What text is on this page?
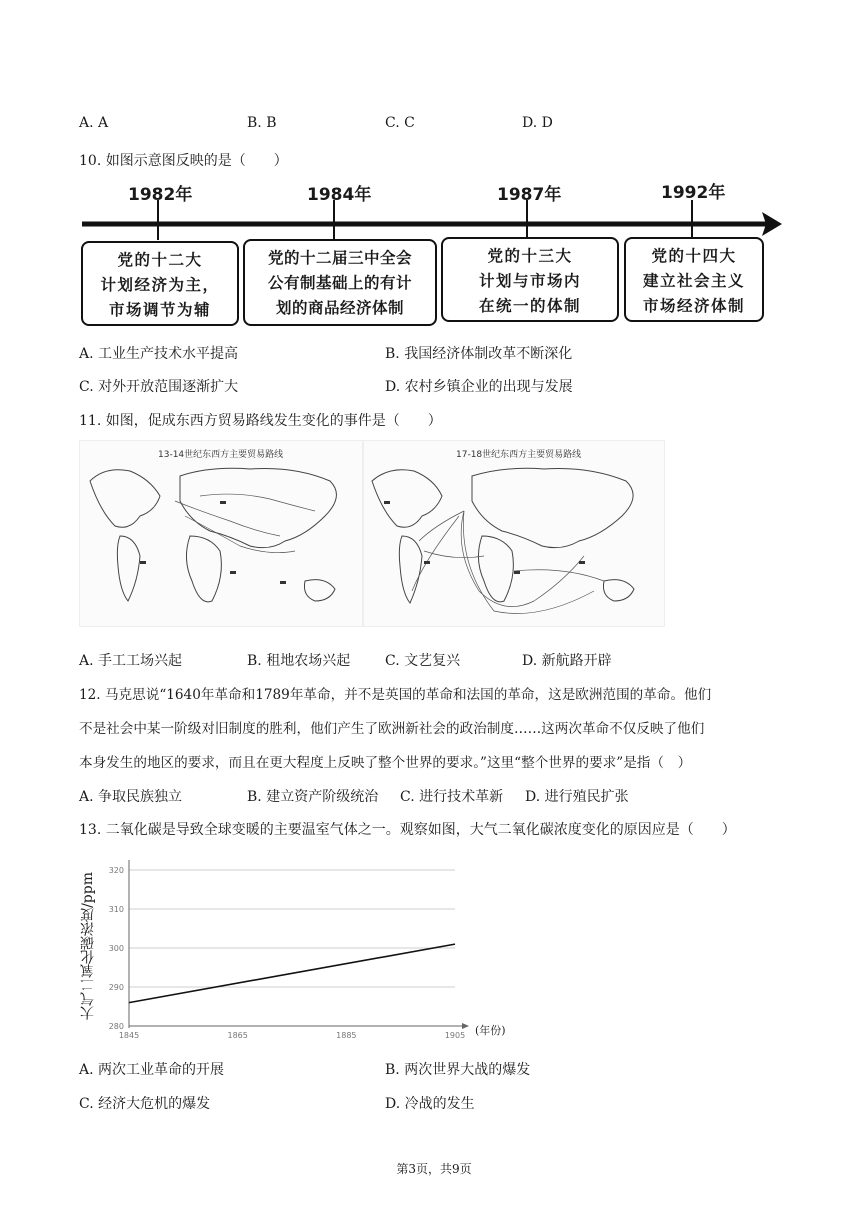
A. A	B. B	C. C	D. D
10. 如图示意图反映的是（　　）
1982年	1984年	1987年	1992年
党的十二大
计划经济为主，
市场调节为辅
党的十二届三中全会
公有制基础上的有计
划的商品经济体制
党的十三大
计划与市场内
在统一的体制
党的十四大
建立社会主义
市场经济体制
A. 工业生产技术水平提高	B. 我国经济体制改革不断深化
C. 对外开放范围逐渐扩大	D. 农村乡镇企业的出现与发展
11. 如图，促成东西方贸易路线发生变化的事件是（　　）
13-14世纪东西方主要贸易路线	17-18世纪东西方主要贸易路线
A. 手工工场兴起	B. 租地农场兴起 C. 文艺复兴	D. 新航路开辟
12. 马克思说“1640年革命和1789年革命，并不是英国的革命和法国的革命，这是欧洲范围的革命。他们
不是社会中某一阶级对旧制度的胜利，他们产生了欧洲新社会的政治制度……这两次革命不仅反映了他们
本身发生的地区的要求，而且在更大程度上反映了整个世界的要求。”这里“整个世界的要求”是指（　）
A. 争取民族独立	B. 建立资产阶级统治 C. 进行技术革新 D. 进行殖民扩张
13. 二氧化碳是导致全球变暖的主要温室气体之一。观察如图，大气二氧化碳浓度变化的原因应是（　　）
280
290
300
310
320
1845	1865	1885	1905 (年份)
大气二氧化碳浓度/ppm
A. 两次工业革命的开展	B. 两次世界大战的爆发
C. 经济大危机的爆发	D. 冷战的发生
第3页，共9页
